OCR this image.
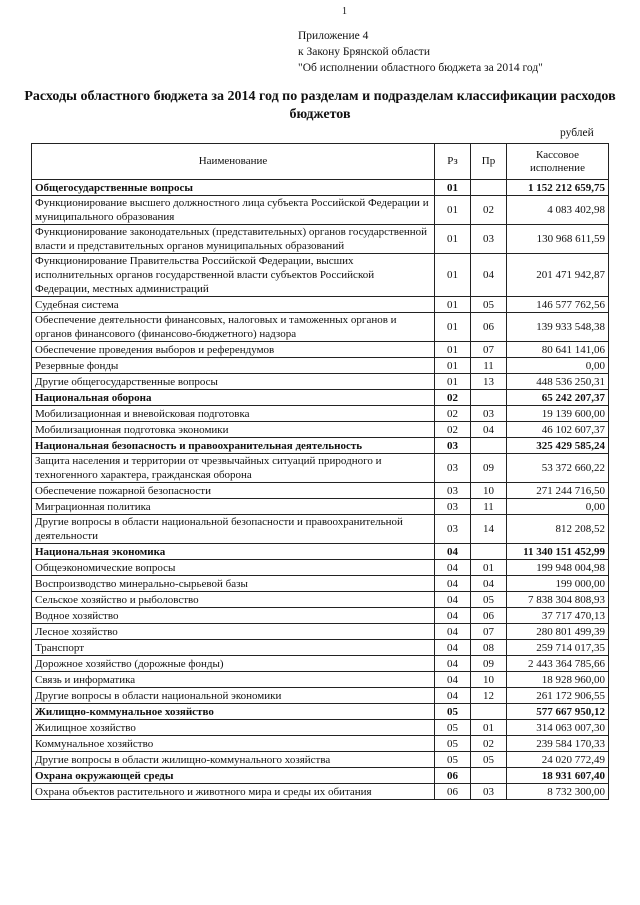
1
Приложение 4
к Закону Брянской области
"Об исполнении областного бюджета за 2014 год"
Расходы областного бюджета за 2014 год по разделам и подразделам классификации расходов бюджетов
рублей
Наименование	Рз	Пр	Кассовое исполнение
Общегосударственные вопросы	01		1 152 212 659,75
Функционирование высшего должностного лица субъекта Российской Федерации и муниципального образования	01	02	4 083 402,98
Функционирование законодательных (представительных) органов государственной власти и представительных органов муниципальных образований	01	03	130 968 611,59
Функционирование Правительства Российской Федерации, высших исполнительных органов государственной власти субъектов Российской Федерации, местных администраций	01	04	201 471 942,87
Судебная система	01	05	146 577 762,56
Обеспечение деятельности финансовых, налоговых и таможенных органов и органов финансового (финансово-бюджетного) надзора	01	06	139 933 548,38
Обеспечение проведения выборов и референдумов	01	07	80 641 141,06
Резервные фонды	01	11	0,00
Другие общегосударственные вопросы	01	13	448 536 250,31
Национальная оборона	02		65 242 207,37
Мобилизационная и вневойсковая подготовка	02	03	19 139 600,00
Мобилизационная подготовка экономики	02	04	46 102 607,37
Национальная безопасность и правоохранительная деятельность	03		325 429 585,24
Защита населения и территории от чрезвычайных ситуаций природного и техногенного характера, гражданская оборона	03	09	53 372 660,22
Обеспечение пожарной безопасности	03	10	271 244 716,50
Миграционная политика	03	11	0,00
Другие вопросы в области национальной безопасности и правоохранительной деятельности	03	14	812 208,52
Национальная экономика	04		11 340 151 452,99
Общеэкономические вопросы	04	01	199 948 004,98
Воспроизводство минерально-сырьевой базы	04	04	199 000,00
Сельское хозяйство и рыболовство	04	05	7 838 304 808,93
Водное хозяйство	04	06	37 717 470,13
Лесное хозяйство	04	07	280 801 499,39
Транспорт	04	08	259 714 017,35
Дорожное хозяйство (дорожные фонды)	04	09	2 443 364 785,66
Связь и информатика	04	10	18 928 960,00
Другие вопросы в области национальной экономики	04	12	261 172 906,55
Жилищно-коммунальное хозяйство	05		577 667 950,12
Жилищное хозяйство	05	01	314 063 007,30
Коммунальное хозяйство	05	02	239 584 170,33
Другие вопросы в области жилищно-коммунального хозяйства	05	05	24 020 772,49
Охрана окружающей среды	06		18 931 607,40
Охрана объектов растительного и животного мира и среды их обитания	06	03	8 732 300,00
